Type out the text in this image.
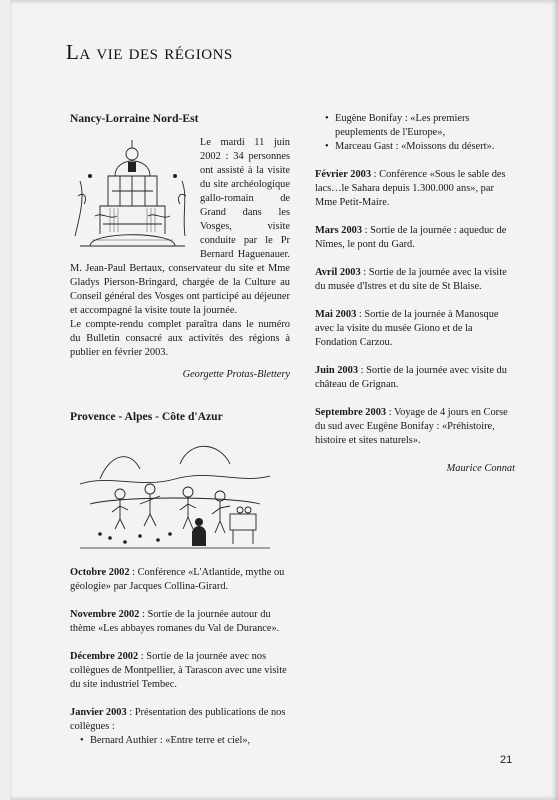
La vie des régions
Nancy-Lorraine Nord-Est

Le mardi 11 juin 2002 : 34 personnes ont assisté à la visite du site archéologique gallo-romain de Grand dans les Vosges, visite conduite par le Pr Bernard Haguenauer. M. Jean-Paul Bertaux, conservateur du site et Mme Gladys Pierson-Bringard, chargée de la Culture au Conseil général des Vosges ont participé au déjeuner et accompagné la visite toute la journée.

Le compte-rendu complet paraîtra dans le numéro du Bulletin consacré aux activités des régions à publier en février 2003.

Georgette Protas-Blettery
Provence - Alpes - Côte d'Azur
Octobre 2002 : Conférence «L'Atlantide, mythe ou géologie» par Jacques Collina-Girard.
Novembre 2002 : Sortie de la journée autour du thème «Les abbayes romanes du Val de Durance».
Décembre 2002 : Sortie de la journée avec nos collègues de Montpellier, à Tarascon avec une visite du site industriel Tembec.
Janvier 2003 : Présentation des publications de nos collègues :
• Bernard Authier : «Entre terre et ciel»,
• Eugène Bonifay : «Les premiers peuplements de l'Europe»,
• Marceau Gast : «Moissons du désert».
Février 2003 : Conférence «Sous le sable des lacs…le Sahara depuis 1.300.000 ans», par Mme Petit-Maire.
Mars 2003 : Sortie de la journée : aqueduc de Nîmes, le pont du Gard.
Avril 2003 : Sortie de la journée avec la visite du musée d'Istres et du site de St Blaise.
Mai 2003 : Sortie de la journée à Manosque avec la visite du musée Giono et de la Fondation Carzou.
Juin 2003 : Sortie de la journée avec visite du château de Grignan.
Septembre 2003 : Voyage de 4 jours en Corse du sud avec Eugène Bonifay : «Préhistoire, histoire et sites naturels».
Maurice Connat
21
